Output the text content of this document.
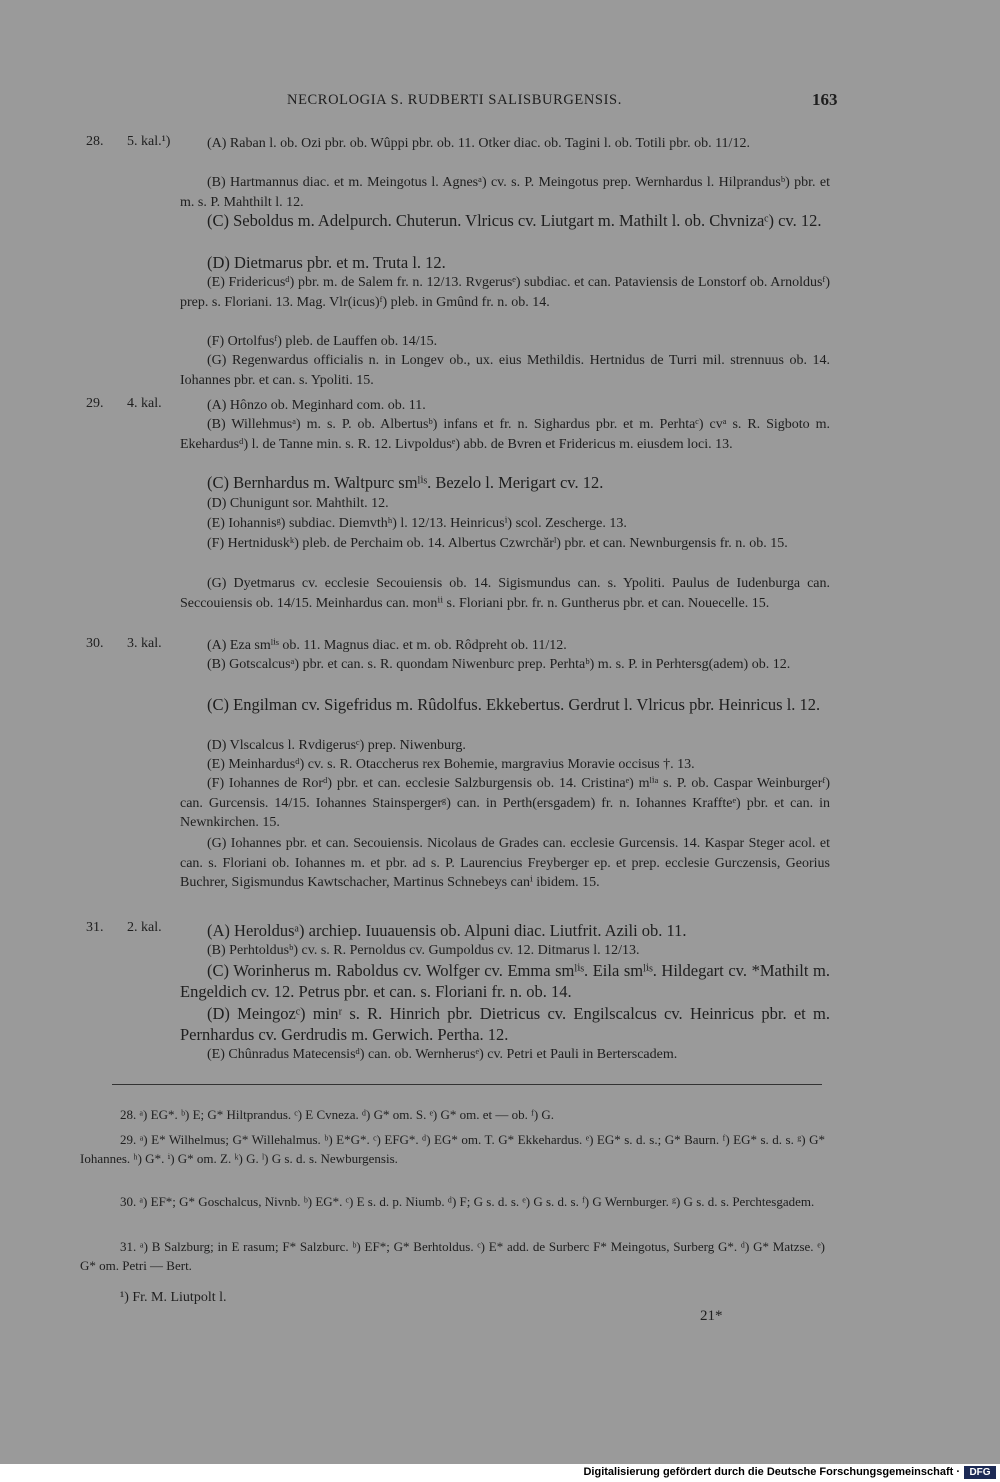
NECROLOGIA S. RUDBERTI SALISBURGENSIS.	163
28. 5. kal.¹)	(A) Raban l. ob. Ozi pbr. ob. Wûppi pbr. ob. 11. Otker diac. ob. Tagini l. ob. Totili pbr. ob. 11/12.
(B) Hartmannus diac. et m. Meingotus l. Agnesᵃ) cv. s. P. Meingotus prep. Wernhardus l. Hilprandusᵇ) pbr. et m. s. P. Mahthilt l. 12.
(C) Seboldus m. Adelpurch. Chuterun. Vlricus cv. Liutgart m. Mathilt l. ob. Chvnizaᶜ) cv. 12.
(D) Dietmarus pbr. et m. Truta l. 12.
(E) Fridericusᵈ) pbr. m. de Salem fr. n. 12/13. Rvgerusᵉ) subdiac. et can. Pataviensis de Lonstorf ob. Arnoldusᶠ) prep. s. Floriani. 13. Mag. Vlr(icus)ᶠ) pleb. in Gmûnd fr. n. ob. 14.
(F) Ortolfusᶠ) pleb. de Lauffen ob. 14/15.
(G) Regenwardus officialis n. in Longev ob., ux. eius Methildis. Hertnidus de Turri mil. strennuus ob. 14. Iohannes pbr. et can. s. Ypoliti. 15.
29. 4. kal.	(A) Hônzo ob. Meginhard com. ob. 11.
(B) Willehmusᵃ) m. s. P. ob. Albertusᵇ) infans et fr. n. Sighardus pbr. et m. Perhtaᶜ) cvᵃ s. R. Sigboto m. Ekehardusᵈ) l. de Tanne min. s. R. 12. Livpoldusᵉ) abb. de Bvren et Fridericus m. eiusdem loci. 13.
(C) Bernhardus m. Waltpurc smˡⁱˢ. Bezelo l. Merigart cv. 12.
(D) Chunigunt sor. Mahthilt. 12.
(E) Iohannisᵍ) subdiac. Diemvthʰ) l. 12/13. Heinricusⁱ) scol. Zescherge. 13.
(F) Hertniduskᵏ) pleb. de Perchaim ob. 14. Albertus Czwrchărˡ) pbr. et can. Newnburgensis fr. n. ob. 15.
(G) Dyetmarus cv. ecclesie Secouiensis ob. 14. Sigismundus can. s. Ypoliti. Paulus de Iudenburga can. Seccouiensis ob. 14/15. Meinhardus can. monⁱⁱ s. Floriani pbr. fr. n. Guntherus pbr. et can. Nouecelle. 15.
30. 3. kal.	(A) Eza smˡⁱˢ ob. 11. Magnus diac. et m. ob. Rôdpreht ob. 11/12.
(B) Gotscalcusᵃ) pbr. et can. s. R. quondam Niwenburc prep. Perhtaᵇ) m. s. P. in Perhtersg(adem) ob. 12.
(C) Engilman cv. Sigefridus m. Rûdolfus. Ekkebertus. Gerdrut l. Vlricus pbr. Heinricus l. 12.
(D) Vlscalcus l. Rvdigerusᶜ) prep. Niwenburg.
(E) Meinhardusᵈ) cv. s. R. Otaccherus rex Bohemie, margravius Moravie occisus †. 13.
(F) Iohannes de Rorᵈ) pbr. et can. ecclesie Salzburgensis ob. 14. Cristinaᵉ) mˡⁱᵃ s. P. ob. Caspar Weinburgerᶠ) can. Gurcensis. 14/15. Iohannes Stainspergerᵍ) can. in Perth(ersgadem) fr. n. Iohannes Kraffteᵉ) pbr. et can. in Newnkirchen. 15.
(G) Iohannes pbr. et can. Secouiensis. Nicolaus de Grades can. ecclesie Gurcensis. 14. Kaspar Steger acol. et can. s. Floriani ob. Iohannes m. et pbr. ad s. P. Laurencius Freyberger ep. et prep. ecclesie Gurczensis, Georius Buchrer, Sigismundus Kawtschacher, Martinus Schnebeys canⁱ ibidem. 15.
31. 2. kal.	(A) Heroldusᵃ) archiep. Iuuauensis ob. Alpuni diac. Liutfrit. Azili ob. 11.
(B) Perhtoldusᵇ) cv. s. R. Pernoldus cv. Gumpoldus cv. 12. Ditmarus l. 12/13.
(C) Worinherus m. Raboldus cv. Wolfger cv. Emma smˡⁱˢ. Eila smˡⁱˢ. Hildegart cv. *Mathilt m. Engeldich cv. 12. Petrus pbr. et can. s. Floriani fr. n. ob. 14.
(D) Meingozᶜ) minʳ s. R. Hinrich pbr. Dietricus cv. Engilscalcus cv. Heinricus pbr. et m. Pernhardus cv. Gerdrudis m. Gerwich. Pertha. 12.
(E) Chûnradus Matecensisᵈ) can. ob. Wernherusᵉ) cv. Petri et Pauli in Berterscadem.
28. ᵃ) EG*. ᵇ) E; G* Hiltprandus. ᶜ) E Cvneza. ᵈ) G* om. S. ᵉ) G* om. et — ob. ᶠ) G.
29. ᵃ) E* Wilhelmus; G* Willehalmus. ᵇ) E*G*. ᶜ) EFG*. ᵈ) EG* om. T. G* Ekkehardus. ᵉ) EG* s. d. s.; G* Baurn. ᶠ) EG* s. d. s. ᵍ) G* Iohannes. ʰ) G*. ⁱ) G* om. Z. ᵏ) G. ˡ) G s. d. s. Newburgensis.
30. ᵃ) EF*; G* Goschalcus, Nivnb. ᵇ) EG*. ᶜ) E s. d. p. Niumb. ᵈ) F; G s. d. s. ᵉ) G s. d. s. ᶠ) G Wernburger. ᵍ) G s. d. s. Perchtesgadem.
31. ᵃ) B Salzburg; in E rasum; F* Salzburc. ᵇ) EF*; G* Berhtoldus. ᶜ) E* add. de Surberc F* Meingotus, Surberg G*. ᵈ) G* Matzse. ᵉ) G* om. Petri — Bert.
¹) Fr. M. Liutpolt l.
21*
Digitalisierung gefördert durch die Deutsche Forschungsgemeinschaft · DFG
